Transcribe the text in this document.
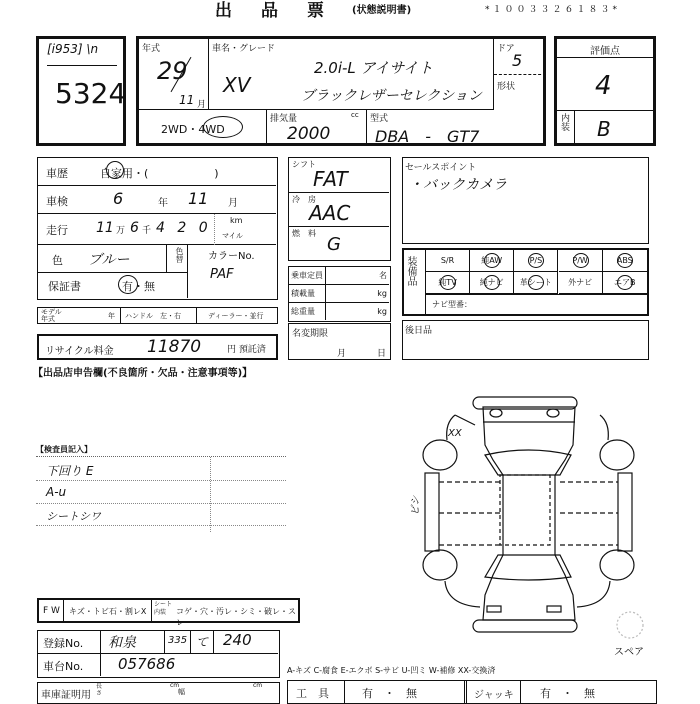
出　品　票 (状態説明書)	*１００３３２６１８３*
[i953] \n
5324
年式
29
11 月
車名・グレード
XV
2.0i-L アイサイト
ブラックレザーセレクション
ドア
5
形状
2WD・4WD
排気量	cc
2000
型式
DBA　-　GT7
評価点
4
内装	B
車歴	自家用・(　　　　　　)
車検	6	年 11 月
走行 11 万 6 千 4 2 0 km
マイル
色 ブルー	色替	カラーNo.
PAF
保証書	有・無
モデル年式	年 ハンドル　左・右	ディーラー・並行
リサイクル料金 11870	円 預託済
【出品店申告欄(不良箇所・欠品・注意事項等)】
シフト
FAT
冷　房
AAC
燃　料
G
乗車定員	名
積載量	kg
総重量	kg
名変期限
月	日
セールスポイント
・バックカメラ
装備品	S/R	純AW	P/S	P/W	ABS
純TV	純ナビ	革シート	外ナビ	エアB
ナビ型番：
後日品
【検査員記入】
下回り E
A-u
シートシワ
XX
ビシ
スペア
F W キズ・トビ石・割レX
シート内装	コゲ・穴・汚レ・シミ・破レ・スレ
登録No. 和泉	335 て 240
車台No. 057686
車庫証明用
長さ
cm
幅
cm
A-キズ C-腐食 E-エクボ S-サビ U-凹ミ W-補修 XX-交換済
工　具	有　・　無	ジャッキ 有　・　無
